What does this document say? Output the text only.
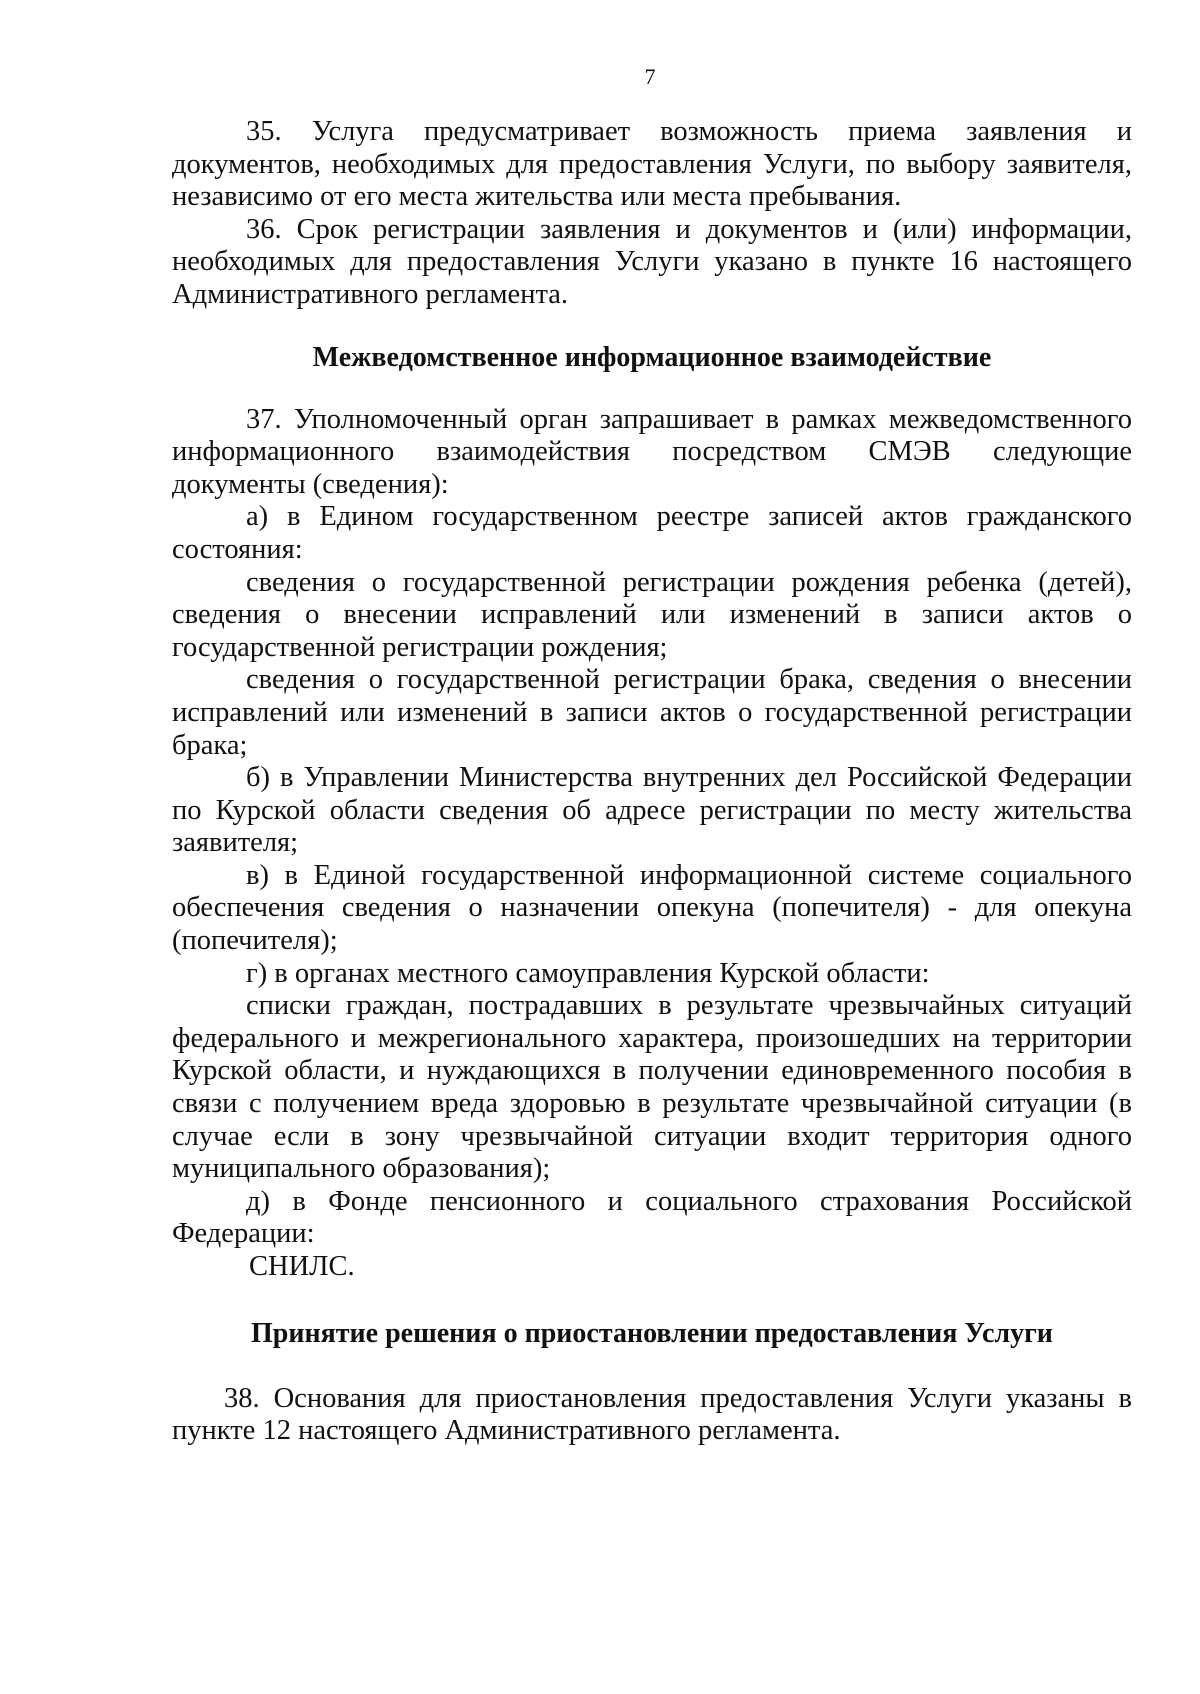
7

35. Услуга предусматривает возможность приема заявления и документов, необходимых для предоставления Услуги, по выбору заявителя, независимо от его места жительства или места пребывания.

36. Срок регистрации заявления и документов и (или) информации, необходимых для предоставления Услуги указано в пункте 16 настоящего Административного регламента.

Межведомственное информационное взаимодействие

37. Уполномоченный орган запрашивает в рамках межведомственного информационного взаимодействия посредством СМЭВ следующие документы (сведения):

а) в Едином государственном реестре записей актов гражданского состояния:

сведения о государственной регистрации рождения ребенка (детей), сведения о внесении исправлений или изменений в записи актов о государственной регистрации рождения;

сведения о государственной регистрации брака, сведения о внесении исправлений или изменений в записи актов о государственной регистрации брака;

б) в Управлении Министерства внутренних дел Российской Федерации по Курской области сведения об адресе регистрации по месту жительства заявителя;

в) в Единой государственной информационной системе социального обеспечения сведения о назначении опекуна (попечителя) - для опекуна (попечителя);

г) в органах местного самоуправления Курской области:

списки граждан, пострадавших в результате чрезвычайных ситуаций федерального и межрегионального характера, произошедших на территории Курской области, и нуждающихся в получении единовременного пособия в связи с получением вреда здоровью в результате чрезвычайной ситуации (в случае если в зону чрезвычайной ситуации входит территория одного муниципального образования);

д) в Фонде пенсионного и социального страхования Российской Федерации:

СНИЛС.

Принятие решения о приостановлении предоставления Услуги

38. Основания для приостановления предоставления Услуги указаны в пункте 12 настоящего Административного регламента.
